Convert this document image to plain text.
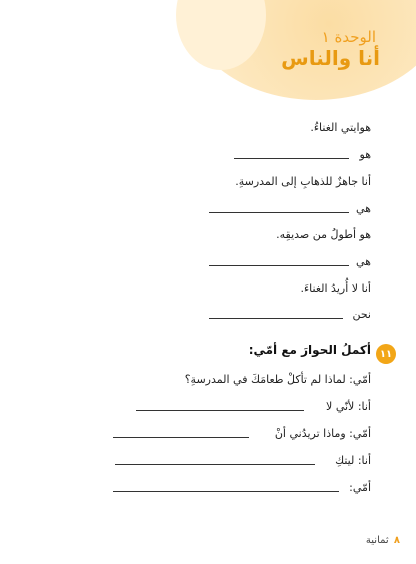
الوحدة ١
أنا والناس
هوايتي الغناءُ.
هو
أنا جاهزٌ للذهابِ إلى المدرسةِ.
هي
هو أطولُ من صديقِه.
هي
أنا لا أُريدُ الغناءَ.
نحن
١١
أكملُ الحوارَ مع أمّي:
أمّي: لماذا لم تأكلْ طعامَكَ في المدرسةِ؟
أنا: لأنّي لا
أمّي: وماذا تريدُني أنْ
أنا: ليتكِ
أمّي:
٨ ثمانية
